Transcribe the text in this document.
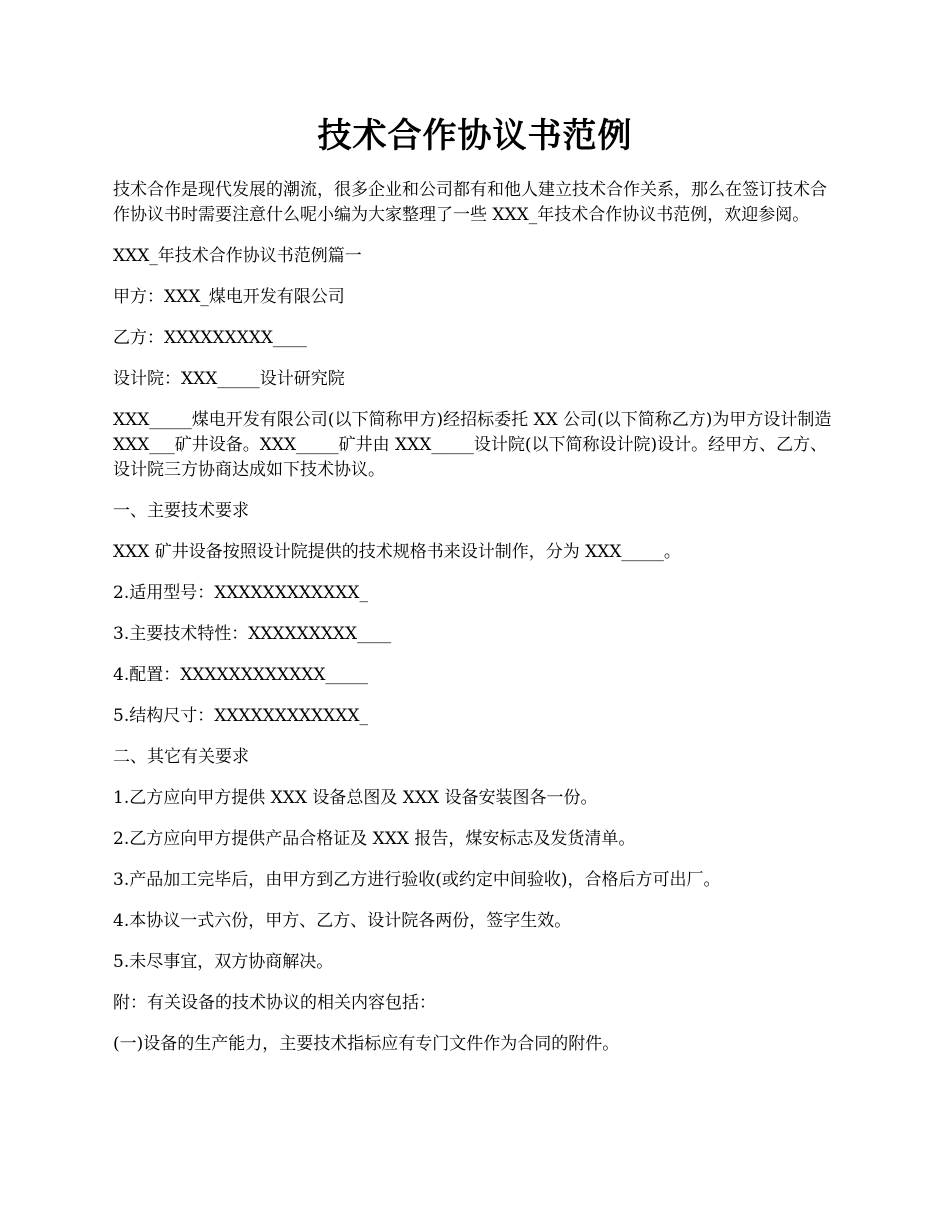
技术合作协议书范例

技术合作是现代发展的潮流，很多企业和公司都有和他人建立技术合作关系，那么在签订技术合作协议书时需要注意什么呢小编为大家整理了一些 XXX_年技术合作协议书范例，欢迎参阅。

XXX_年技术合作协议书范例篇一

甲方：XXX_煤电开发有限公司

乙方：XXXXXXXXX____

设计院：XXX_____设计研究院

XXX_____煤电开发有限公司(以下简称甲方)经招标委托 XX 公司(以下简称乙方)为甲方设计制造 XXX___矿井设备。XXX_____矿井由 XXX_____设计院(以下简称设计院)设计。经甲方、乙方、设计院三方协商达成如下技术协议。

一、主要技术要求

XXX 矿井设备按照设计院提供的技术规格书来设计制作，分为 XXX_____。

2.适用型号：XXXXXXXXXXXX_

3.主要技术特性：XXXXXXXXX____

4.配置：XXXXXXXXXXXX_____

5.结构尺寸：XXXXXXXXXXXX_

二、其它有关要求

1.乙方应向甲方提供 XXX 设备总图及 XXX 设备安装图各一份。

2.乙方应向甲方提供产品合格证及 XXX 报告，煤安标志及发货清单。

3.产品加工完毕后，由甲方到乙方进行验收(或约定中间验收)，合格后方可出厂。

4.本协议一式六份，甲方、乙方、设计院各两份，签字生效。

5.未尽事宜，双方协商解决。

附：有关设备的技术协议的相关内容包括：

(一)设备的生产能力，主要技术指标应有专门文件作为合同的附件。
